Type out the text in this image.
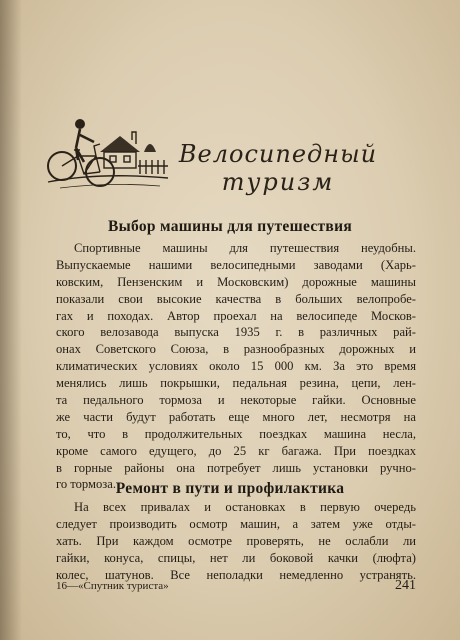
Велосипедный
туризм
Выбор машины для путешествия
Спортивные машины для путешествия неудобны.
Выпускаемые нашими велосипедными заводами (Харь-
ковским, Пензенским и Московским) дорожные машины
показали свои высокие качества в больших велопробе-
гах и походах. Автор проехал на велосипеде Москов-
ского велозавода выпуска 1935 г. в различных рай-
онах Советского Союза, в разнообразных дорожных и
климатических условиях около 15 000 км. За это время
менялись лишь покрышки, педальная резина, цепи, лен-
та педального тормоза и некоторые гайки. Основные
же части будут работать еще много лет, несмотря на
то, что в продолжительных поездках машина несла,
кроме самого едущего, до 25 кг багажа. При поездках
в горные районы она потребует лишь установки ручно-
го тормоза. Ремонт в пути и профилактика
На всех привалах и остановках в первую очередь
следует производить осмотр машин, а затем уже отды-
хать. При каждом осмотре проверять, не ослабли ли
гайки, конуса, спицы, нет ли боковой качки (люфта)
колес, шатунов. Все неполадки немедленно устранять.
16—«Спутник туриста»	241
